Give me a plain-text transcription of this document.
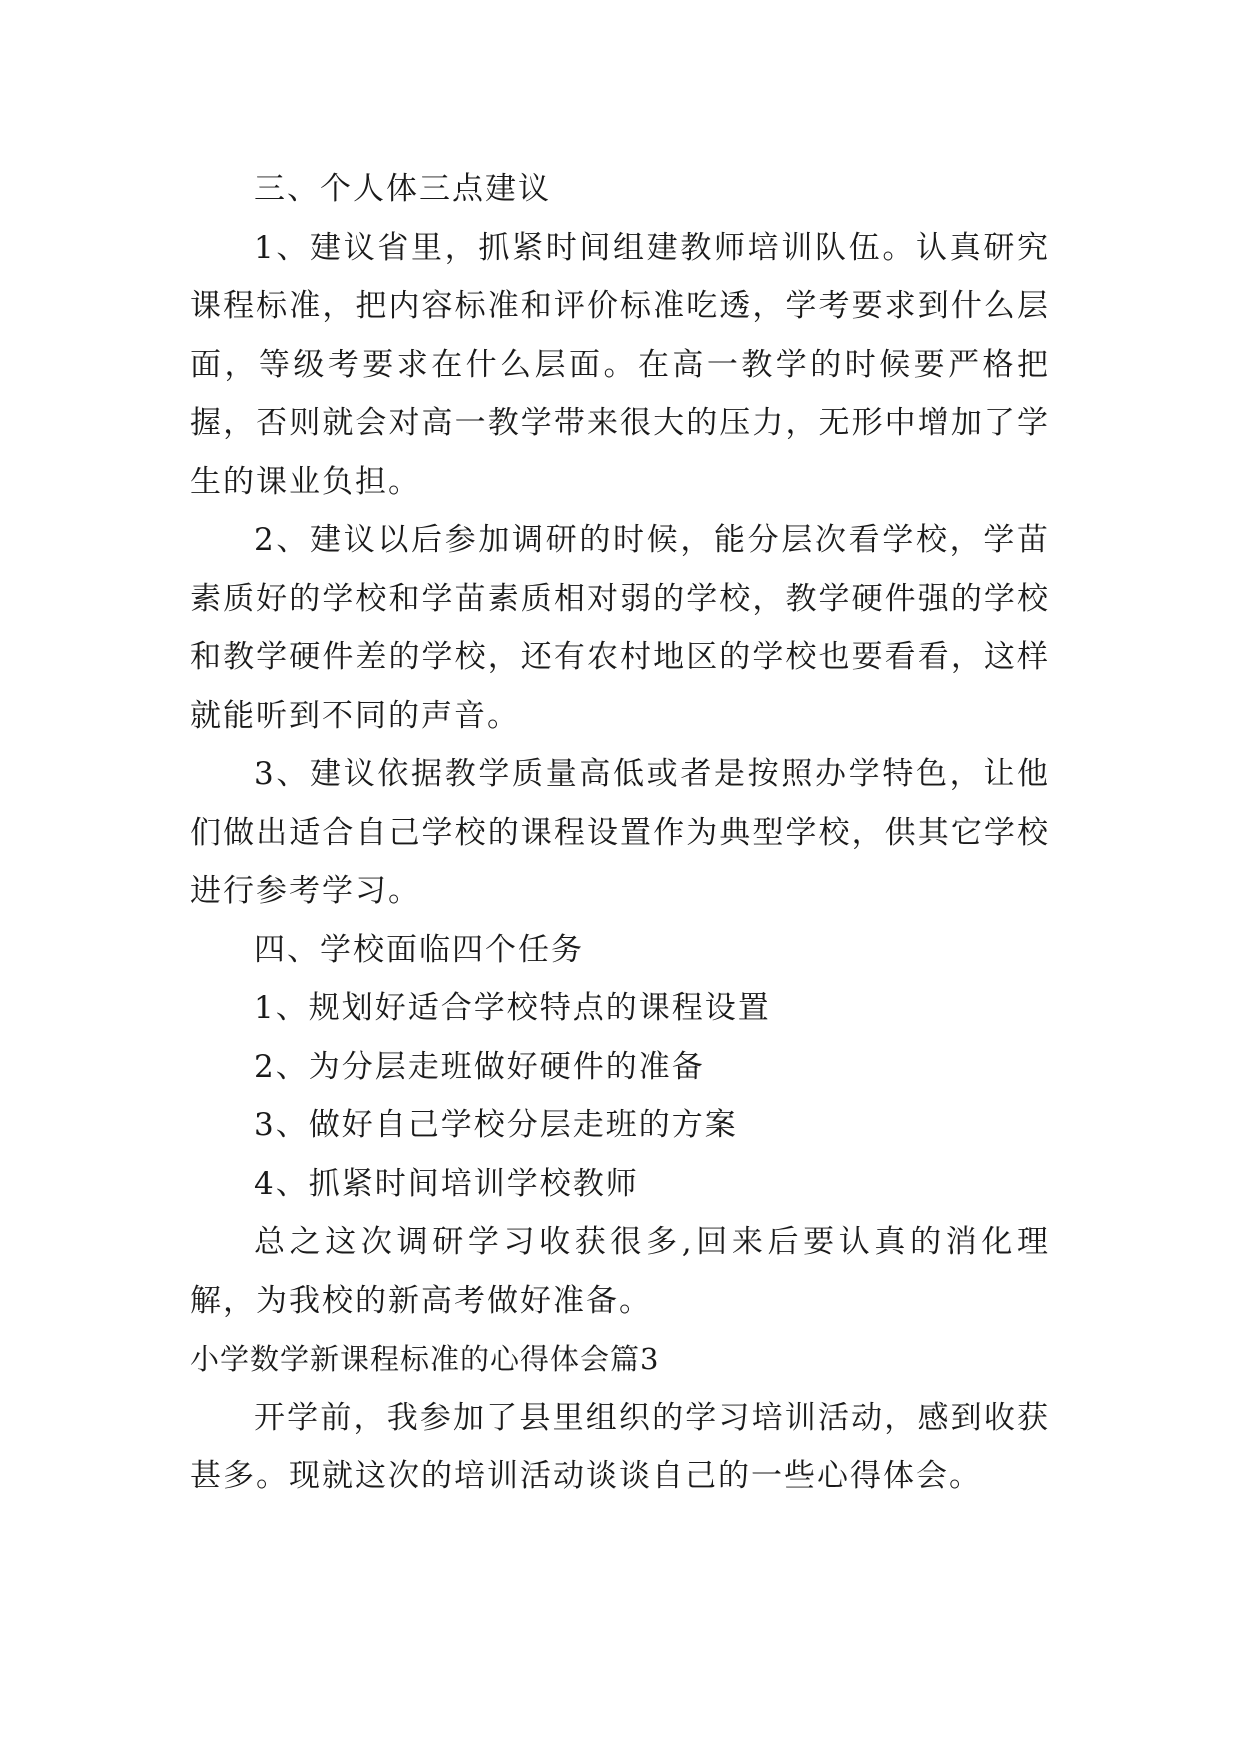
三、个人体三点建议

1、建议省里，抓紧时间组建教师培训队伍。认真研究课程标准，把内容标准和评价标准吃透，学考要求到什么层面，等级考要求在什么层面。在高一教学的时候要严格把握，否则就会对高一教学带来很大的压力，无形中增加了学生的课业负担。

2、建议以后参加调研的时候，能分层次看学校，学苗素质好的学校和学苗素质相对弱的学校，教学硬件强的学校和教学硬件差的学校，还有农村地区的学校也要看看，这样就能听到不同的声音。

3、建议依据教学质量高低或者是按照办学特色，让他们做出适合自己学校的课程设置作为典型学校，供其它学校进行参考学习。

四、学校面临四个任务

1、规划好适合学校特点的课程设置

2、为分层走班做好硬件的准备

3、做好自己学校分层走班的方案

4、抓紧时间培训学校教师

总之这次调研学习收获很多,回来后要认真的消化理解，为我校的新高考做好准备。

小学数学新课程标准的心得体会篇3

开学前，我参加了县里组织的学习培训活动，感到收获甚多。现就这次的培训活动谈谈自己的一些心得体会。
